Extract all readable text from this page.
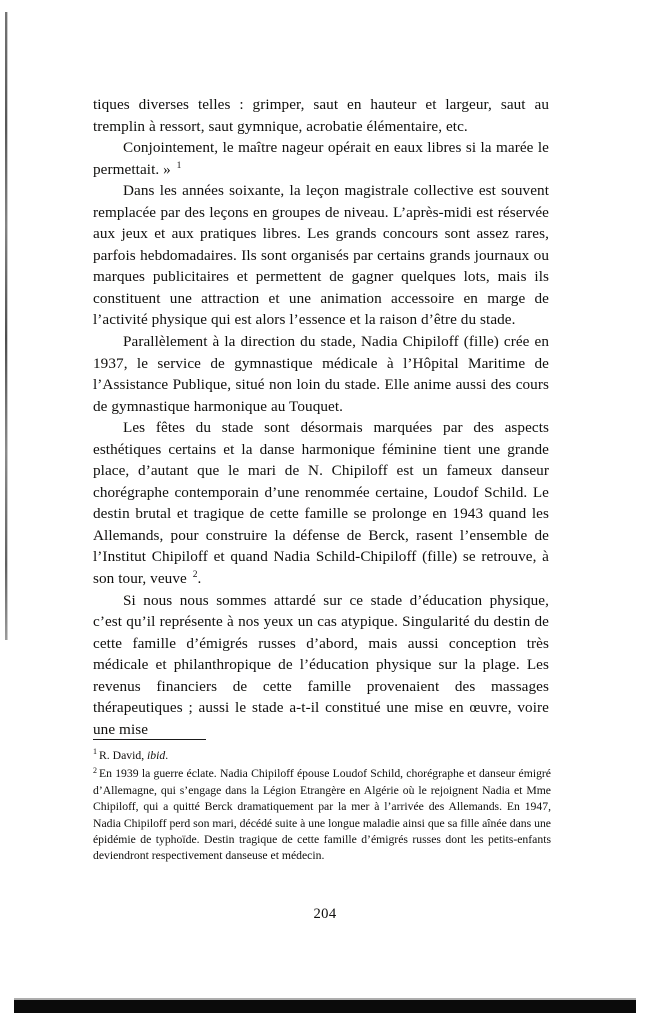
tiques diverses telles : grimper, saut en hauteur et largeur, saut au tremplin à ressort, saut gymnique, acrobatie élémentaire, etc.

Conjointement, le maître nageur opérait en eaux libres si la marée le permettait. » $^1$

Dans les années soixante, la leçon magistrale collective est souvent remplacée par des leçons en groupes de niveau. L’après-midi est réservée aux jeux et aux pratiques libres. Les grands concours sont assez rares, parfois hebdomadaires. Ils sont organisés par certains grands journaux ou marques publicitaires et permettent de gagner quelques lots, mais ils constituent une attraction et une animation accessoire en marge de l’activité physique qui est alors l’essence et la raison d’être du stade.

Parallèlement à la direction du stade, Nadia Chipiloff (fille) crée en 1937, le service de gymnastique médicale à l’Hôpital Maritime de l’Assistance Publique, situé non loin du stade. Elle anime aussi des cours de gymnastique harmonique au Touquet.

Les fêtes du stade sont désormais marquées par des aspects esthétiques certains et la danse harmonique féminine tient une grande place, d’autant que le mari de N. Chipiloff est un fameux danseur chorégraphe contemporain d’une renommée certaine, Loudof Schild. Le destin brutal et tragique de cette famille se prolonge en 1943 quand les Allemands, pour construire la défense de Berck, rasent l’ensemble de l’Institut Chipiloff et quand Nadia Schild-Chipiloff (fille) se retrouve, à son tour, veuve $^2$.

Si nous nous sommes attardé sur ce stade d’éducation physique, c’est qu’il représente à nos yeux un cas atypique. Singularité du destin de cette famille d’émigrés russes d’abord, mais aussi conception très médicale et philanthropique de l’éducation physique sur la plage. Les revenus financiers de cette famille provenaient des massages thérapeutiques ; aussi le stade a-t-il constitué une mise en œuvre, voire une mise

$^1$ R. David, ibid.

$^2$ En 1939 la guerre éclate. Nadia Chipiloff épouse Loudof Schild, chorégraphe et danseur émigré d’Allemagne, qui s’engage dans la Légion Etrangère en Algérie où le rejoignent Nadia et Mme Chipiloff, qui a quitté Berck dramatiquement par la mer à l’arrivée des Allemands. En 1947, Nadia Chipiloff perd son mari, décédé suite à une longue maladie ainsi que sa fille aînée dans une épidémie de typhoïde. Destin tragique de cette famille d’émigrés russes dont les petits-enfants deviendront respectivement danseuse et médecin.

204
